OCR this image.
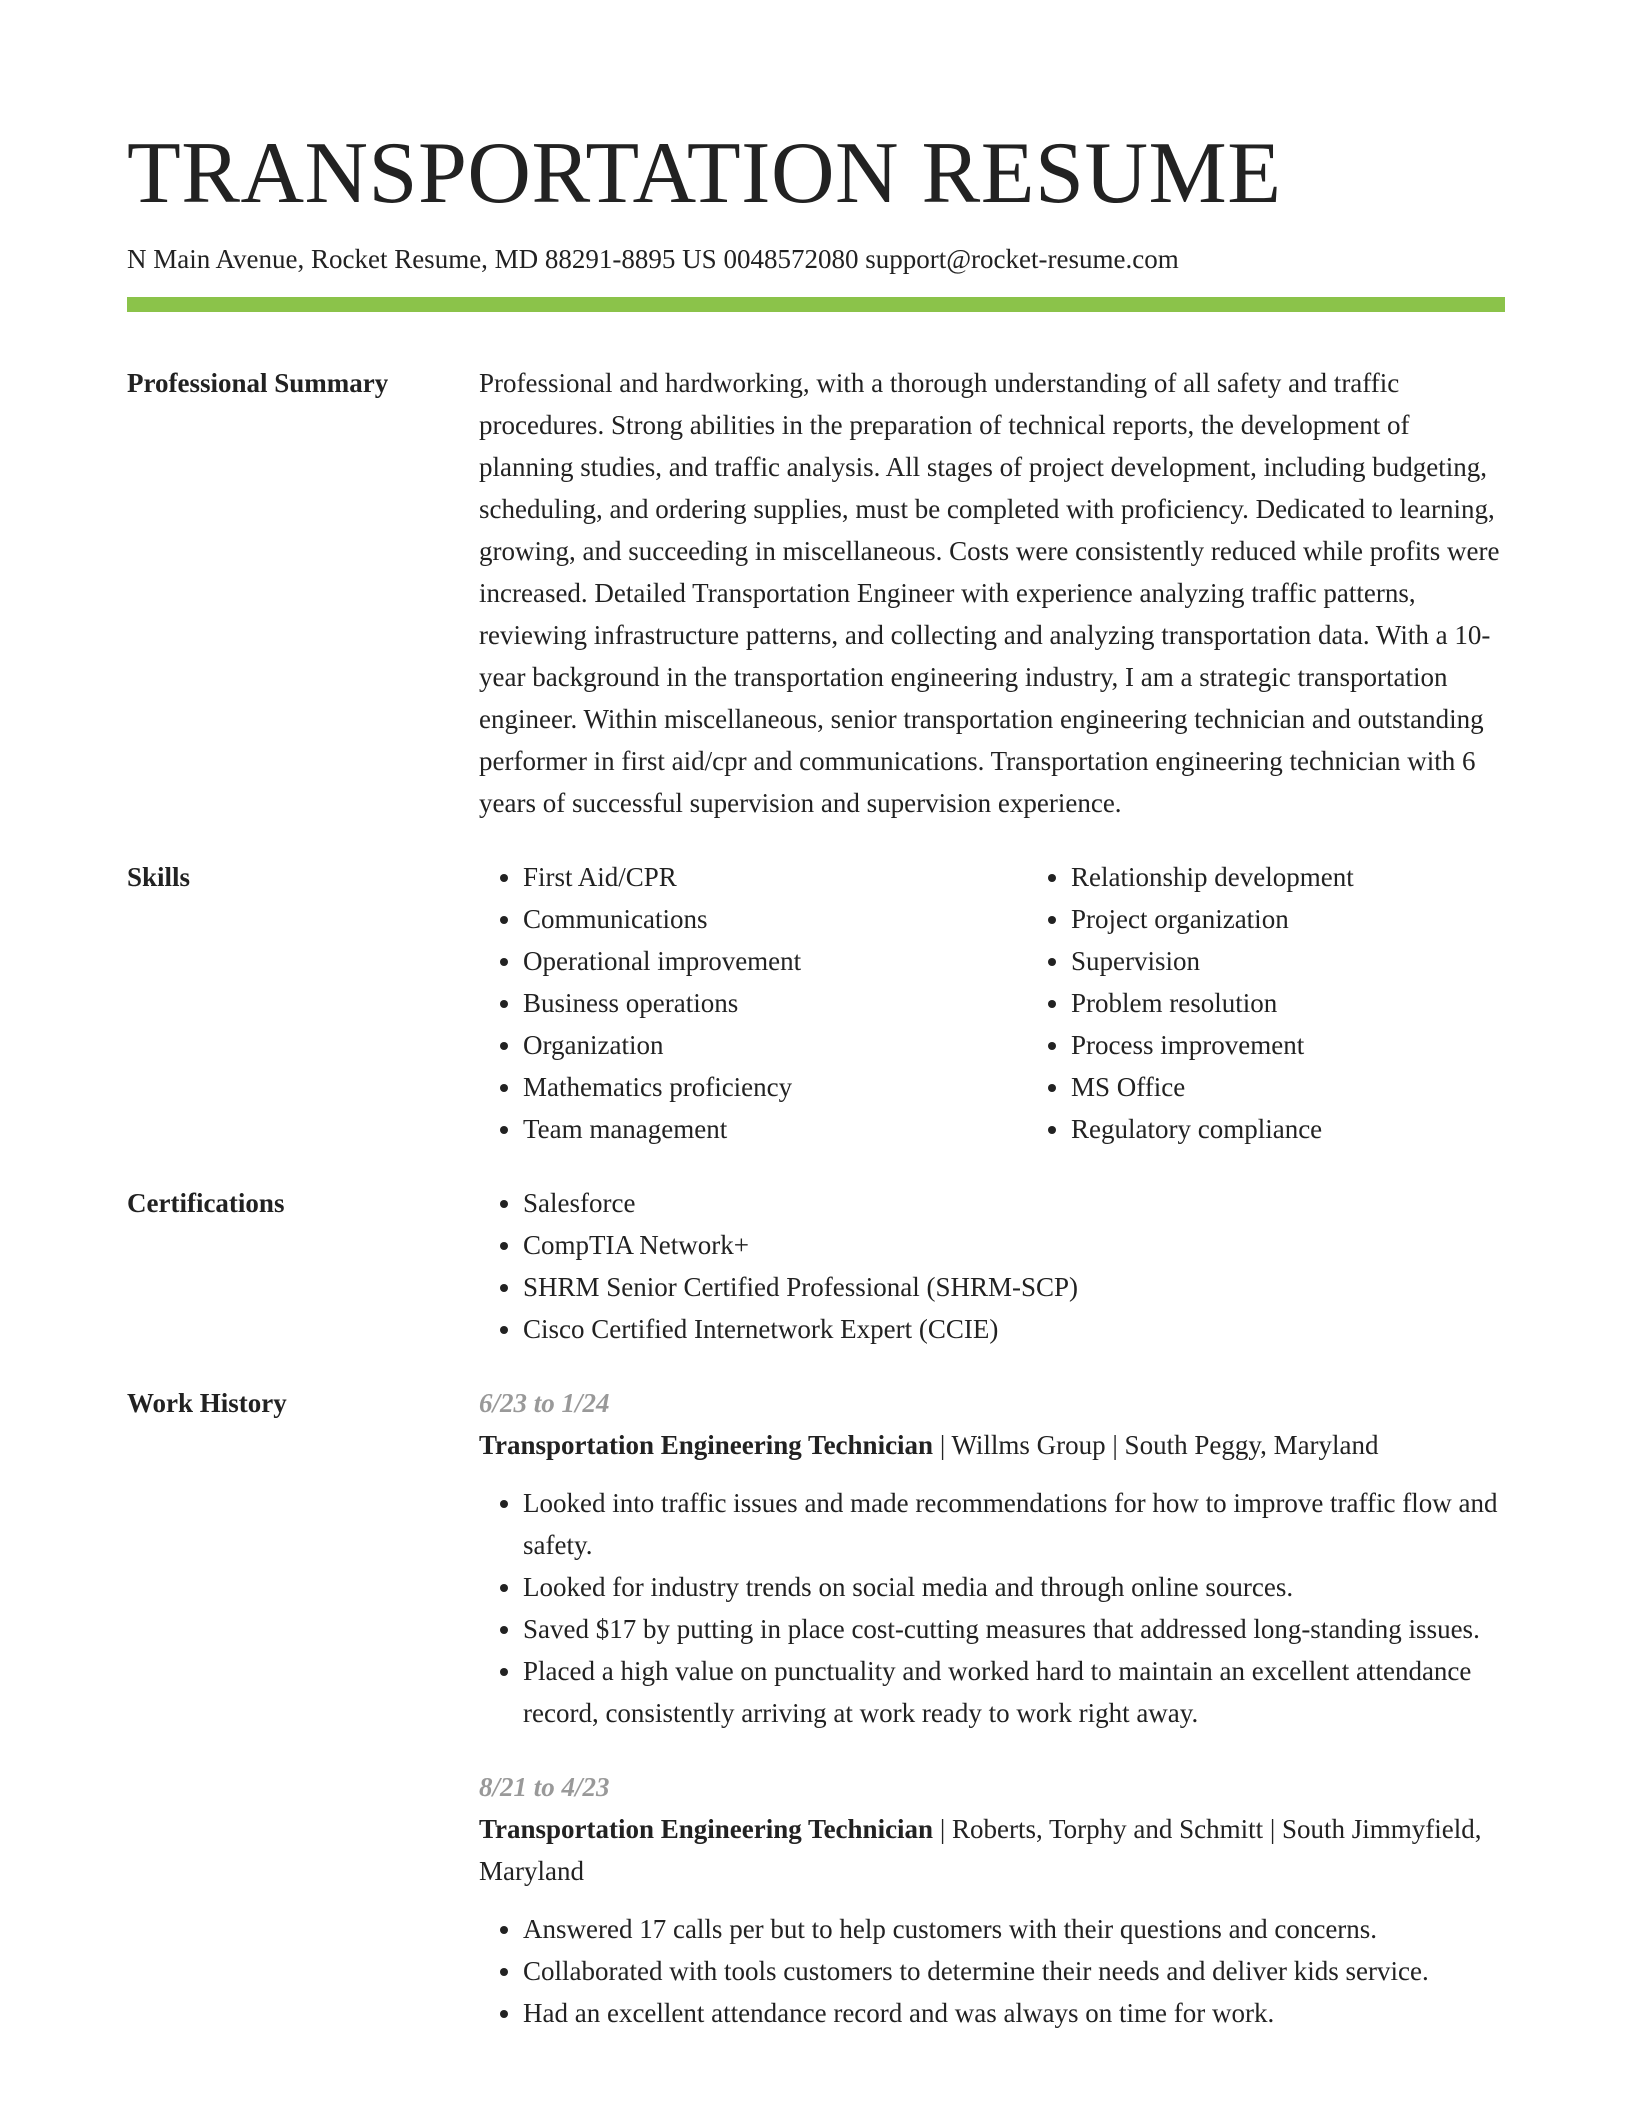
TRANSPORTATION RESUME
N Main Avenue, Rocket Resume, MD 88291-8895 US 0048572080 support@rocket-resume.com
Professional Summary	Professional and hardworking, with a thorough understanding of all safety and traffic procedures. Strong abilities in the preparation of technical reports, the development of planning studies, and traffic analysis. All stages of project development, including budgeting, scheduling, and ordering supplies, must be completed with proficiency. Dedicated to learning, growing, and succeeding in miscellaneous. Costs were consistently reduced while profits were increased. Detailed Transportation Engineer with experience analyzing traffic patterns, reviewing infrastructure patterns, and collecting and analyzing transportation data. With a 10-year background in the transportation engineering industry, I am a strategic transportation engineer. Within miscellaneous, senior transportation engineering technician and outstanding performer in first aid/cpr and communications. Transportation engineering technician with 6 years of successful supervision and supervision experience.
Skills	• First Aid/CPR
• Communications
• Operational improvement
• Business operations
• Organization
• Mathematics proficiency
• Team management
• Relationship development
• Project organization
• Supervision
• Problem resolution
• Process improvement
• MS Office
• Regulatory compliance
Certifications	• Salesforce
• CompTIA Network+
• SHRM Senior Certified Professional (SHRM-SCP)
• Cisco Certified Internetwork Expert (CCIE)
Work History	6/23 to 1/24
Transportation Engineering Technician | Willms Group | South Peggy, Maryland
• Looked into traffic issues and made recommendations for how to improve traffic flow and safety.
• Looked for industry trends on social media and through online sources.
• Saved $17 by putting in place cost-cutting measures that addressed long-standing issues.
• Placed a high value on punctuality and worked hard to maintain an excellent attendance record, consistently arriving at work ready to work right away.
8/21 to 4/23
Transportation Engineering Technician | Roberts, Torphy and Schmitt | South Jimmyfield, Maryland
• Answered 17 calls per but to help customers with their questions and concerns.
• Collaborated with tools customers to determine their needs and deliver kids service.
• Had an excellent attendance record and was always on time for work.
